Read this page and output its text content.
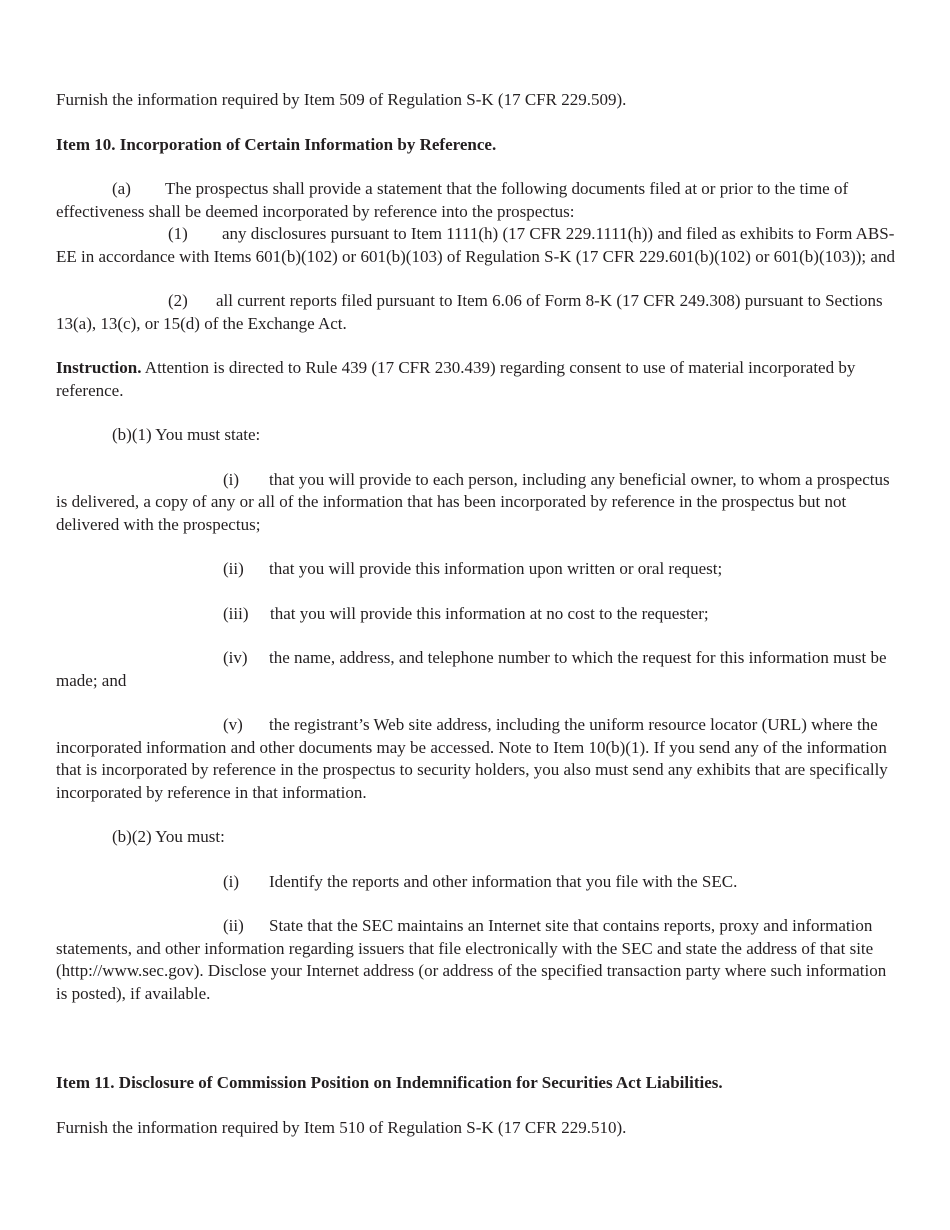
Furnish the information required by Item 509 of Regulation S-K (17 CFR 229.509).

Item 10. Incorporation of Certain Information by Reference.

(a) The prospectus shall provide a statement that the following documents filed at or prior to the time of effectiveness shall be deemed incorporated by reference into the prospectus:

(1) any disclosures pursuant to Item 1111(h) (17 CFR 229.1111(h)) and filed as exhibits to Form ABS-EE in accordance with Items 601(b)(102) or 601(b)(103) of Regulation S-K (17 CFR 229.601(b)(102) or 601(b)(103)); and

(2) all current reports filed pursuant to Item 6.06 of Form 8-K (17 CFR 249.308) pursuant to Sections 13(a), 13(c), or 15(d) of the Exchange Act.

Instruction. Attention is directed to Rule 439 (17 CFR 230.439) regarding consent to use of material incorporated by reference.

(b)(1) You must state:

(i) that you will provide to each person, including any beneficial owner, to whom a prospectus is delivered, a copy of any or all of the information that has been incorporated by reference in the prospectus but not delivered with the prospectus;

(ii) that you will provide this information upon written or oral request;

(iii) that you will provide this information at no cost to the requester;

(iv) the name, address, and telephone number to which the request for this information must be made; and

(v) the registrant’s Web site address, including the uniform resource locator (URL) where the incorporated information and other documents may be accessed. Note to Item 10(b)(1). If you send any of the information that is incorporated by reference in the prospectus to security holders, you also must send any exhibits that are specifically incorporated by reference in that information.

(b)(2) You must:

(i) Identify the reports and other information that you file with the SEC.

(ii) State that the SEC maintains an Internet site that contains reports, proxy and information statements, and other information regarding issuers that file electronically with the SEC and state the address of that site (http://www.sec.gov). Disclose your Internet address (or address of the specified transaction party where such information is posted), if available.

Item 11. Disclosure of Commission Position on Indemnification for Securities Act Liabilities.

Furnish the information required by Item 510 of Regulation S-K (17 CFR 229.510).
